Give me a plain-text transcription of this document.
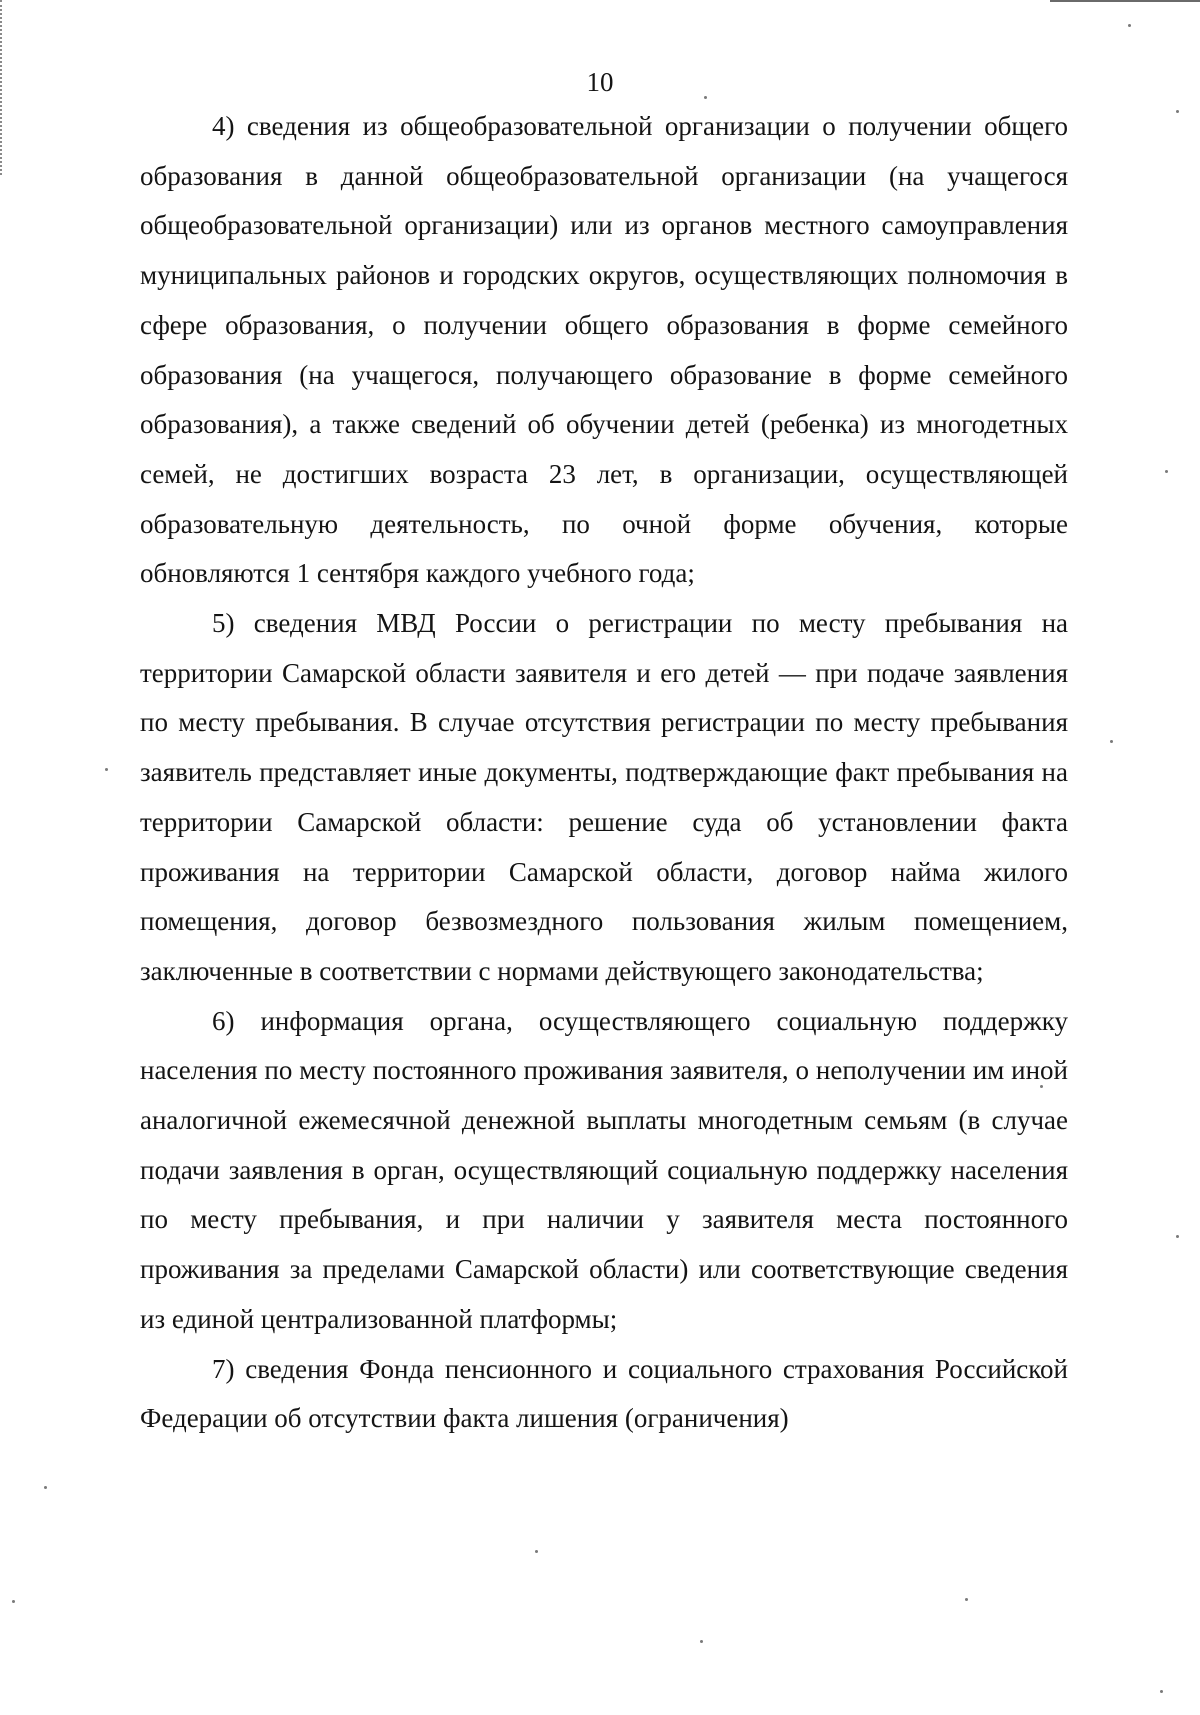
10

4) сведения из общеобразовательной организации о получении общего образования в данной общеобразовательной организации (на учащегося общеобразовательной организации) или из органов местного самоуправления муниципальных районов и городских округов, осуществляющих полномочия в сфере образования, о получении общего образования в форме семейного образования (на учащегося, получающего образование в форме семейного образования), а также сведений об обучении детей (ребенка) из многодетных семей, не достигших возраста 23 лет, в организации, осуществляющей образовательную деятельность, по очной форме обучения, которые обновляются 1 сентября каждого учебного года;

5) сведения МВД России о регистрации по месту пребывания на территории Самарской области заявителя и его детей — при подаче заявления по месту пребывания. В случае отсутствия регистрации по месту пребывания заявитель представляет иные документы, подтверждающие факт пребывания на территории Самарской области: решение суда об установлении факта проживания на территории Самарской области, договор найма жилого помещения, договор безвозмездного пользования жилым помещением, заключенные в соответствии с нормами действующего законодательства;

6) информация органа, осуществляющего социальную поддержку населения по месту постоянного проживания заявителя, о неполучении им иной аналогичной ежемесячной денежной выплаты многодетным семьям (в случае подачи заявления в орган, осуществляющий социальную поддержку населения по месту пребывания, и при наличии у заявителя места постоянного проживания за пределами Самарской области) или соответствующие сведения из единой централизованной платформы;

7) сведения Фонда пенсионного и социального страхования Российской Федерации об отсутствии факта лишения (ограничения)
